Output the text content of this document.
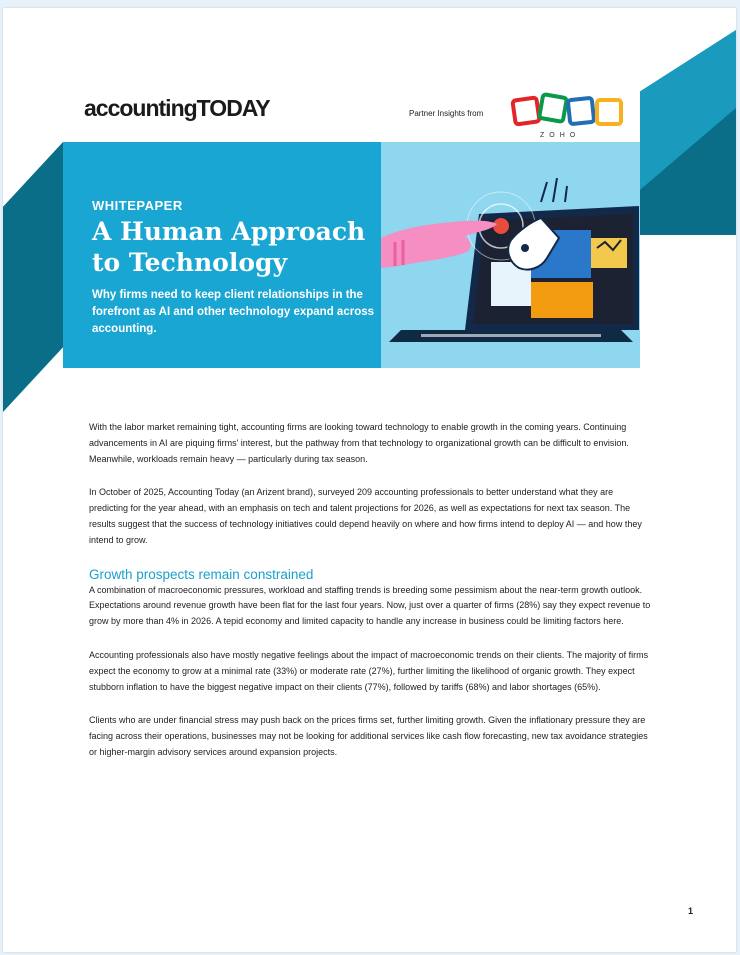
accountingTODAY	Partner Insights from
ZOHO
WHITEPAPER
A Human Approach to Technology
Why firms need to keep client relationships in the forefront as AI and other technology expand across accounting.

With the labor market remaining tight, accounting firms are looking toward technology to enable growth in the coming years. Continuing advancements in AI are piquing firms' interest, but the pathway from that technology to organizational growth can be difficult to envision. Meanwhile, workloads remain heavy — particularly during tax season.

In October of 2025, Accounting Today (an Arizent brand), surveyed 209 accounting professionals to better understand what they are predicting for the year ahead, with an emphasis on tech and talent projections for 2026, as well as expectations for next tax season. The results suggest that the success of technology initiatives could depend heavily on where and how firms intend to deploy AI — and how they intend to grow.

Growth prospects remain constrained

A combination of macroeconomic pressures, workload and staffing trends is breeding some pessimism about the near-term growth outlook. Expectations around revenue growth have been flat for the last four years. Now, just over a quarter of firms (28%) say they expect revenue to grow by more than 4% in 2026. A tepid economy and limited capacity to handle any increase in business could be limiting factors here.

Accounting professionals also have mostly negative feelings about the impact of macroeconomic trends on their clients. The majority of firms expect the economy to grow at a minimal rate (33%) or moderate rate (27%), further limiting the likelihood of organic growth. They expect stubborn inflation to have the biggest negative impact on their clients (77%), followed by tariffs (68%) and labor shortages (65%).

Clients who are under financial stress may push back on the prices firms set, further limiting growth. Given the inflationary pressure they are facing across their operations, businesses may not be looking for additional services like cash flow forecasting, new tax avoidance strategies or higher-margin advisory services around expansion projects.

1
